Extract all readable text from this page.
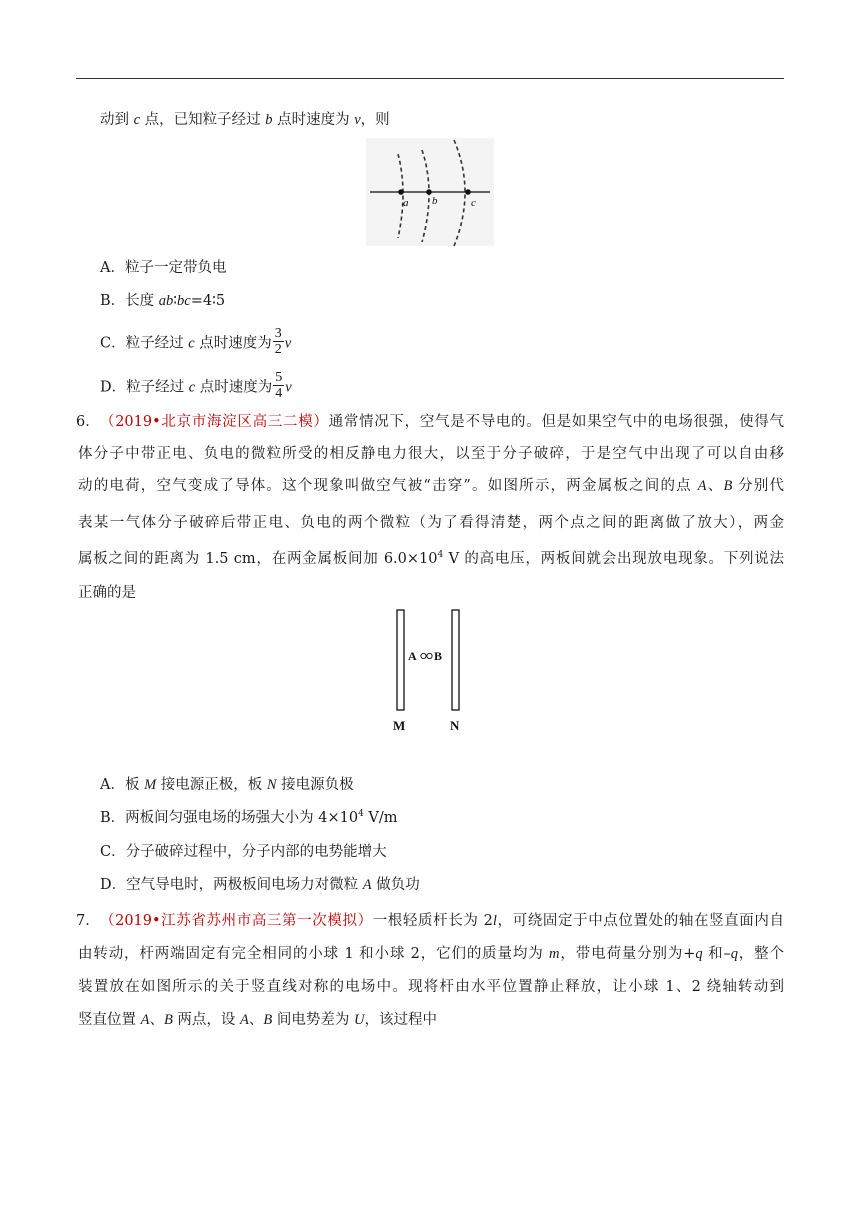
动到 c 点，已知粒子经过 b 点时速度为 v，则
a b	c
A．粒子一定带负电
B．长度 ab∶bc=4∶5
C．粒子经过 c 点时速度为 $\frac{3}{2}$ v
D．粒子经过 c 点时速度为 $\frac{5}{4}$ v
6． （2019•北京市海淀区高三二模）通常情况下，空气是不导电的。但是如果空气中的电场很强，使得气
体分子中带正电、负电的微粒所受的相反静电力很大，以至于分子破碎，于是空气中出现了可以自由移
动的电荷，空气变成了导体。这个现象叫做空气被“击穿”。如图所示，两金属板之间的点 A、B 分别代
表某一气体分子破碎后带正电、负电的两个微粒（为了看得清楚，两个点之间的距离做了放大），两金
属板之间的距离为 1.5 cm，在两金属板间加 $6.0\times 10^4$ V 的高电压，两板间就会出现放电现象。下列说法
正确的是
A B
M	N
A．板 M 接电源正极，板 N 接电源负极
B．两板间匀强电场的场强大小为 $4\times 10^4$ V/m
C．分子破碎过程中，分子内部的电势能增大
D．空气导电时，两极板间电场力对微粒 A 做负功
7． （2019•江苏省苏州市高三第一次模拟）一根轻质杆长为 2l，可绕固定于中点位置处的轴在竖直面内自
由转动，杆两端固定有完全相同的小球 1 和小球 2，它们的质量均为 m，带电荷量分别为+q 和–q，整个
装置放在如图所示的关于竖直线对称的电场中。现将杆由水平位置静止释放，让小球 1、2 绕轴转动到
竖直位置 A、B 两点，设 A、B 间电势差为 U，该过程中
